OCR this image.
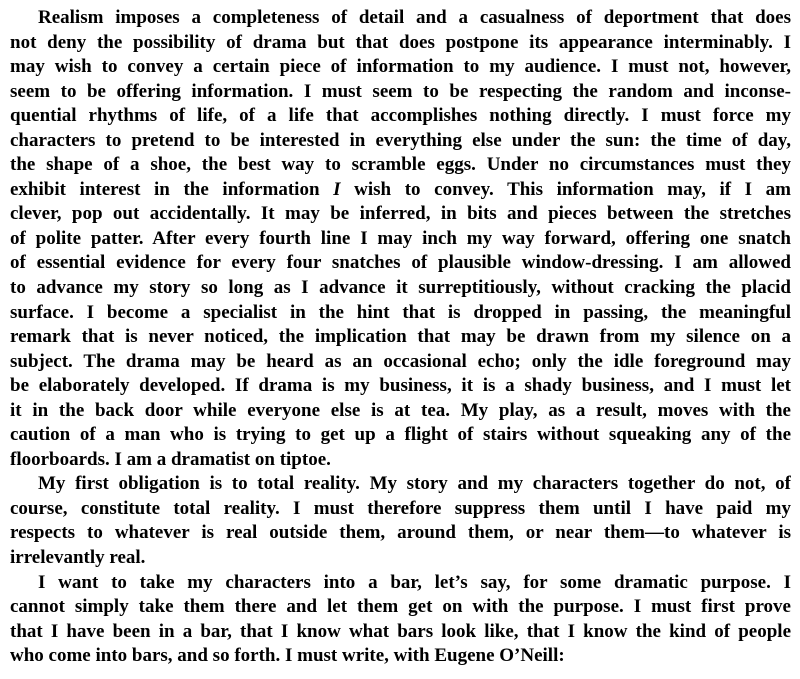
Realism imposes a completeness of detail and a casualness of deportment that does
not deny the possibility of drama but that does postpone its appearance interminably. I
may wish to convey a certain piece of information to my audience. I must not, however,
seem to be offering information. I must seem to be respecting the random and inconse-
quential rhythms of life, of a life that accomplishes nothing directly. I must force my
characters to pretend to be interested in everything else under the sun: the time of day,
the shape of a shoe, the best way to scramble eggs. Under no circumstances must they
exhibit interest in the information I wish to convey. This information may, if I am
clever, pop out accidentally. It may be inferred, in bits and pieces between the stretches
of polite patter. After every fourth line I may inch my way forward, offering one snatch
of essential evidence for every four snatches of plausible window-dressing. I am allowed
to advance my story so long as I advance it surreptitiously, without cracking the placid
surface. I become a specialist in the hint that is dropped in passing, the meaningful
remark that is never noticed, the implication that may be drawn from my silence on a
subject. The drama may be heard as an occasional echo; only the idle foreground may
be elaborately developed. If drama is my business, it is a shady business, and I must let
it in the back door while everyone else is at tea. My play, as a result, moves with the
caution of a man who is trying to get up a flight of stairs without squeaking any of the
floorboards. I am a dramatist on tiptoe.
My first obligation is to total reality. My story and my characters together do not, of
course, constitute total reality. I must therefore suppress them until I have paid my
respects to whatever is real outside them, around them, or near them—to whatever is
irrelevantly real.
I want to take my characters into a bar, let’s say, for some dramatic purpose. I
cannot simply take them there and let them get on with the purpose. I must first prove
that I have been in a bar, that I know what bars look like, that I know the kind of people
who come into bars, and so forth. I must write, with Eugene O’Neill:
